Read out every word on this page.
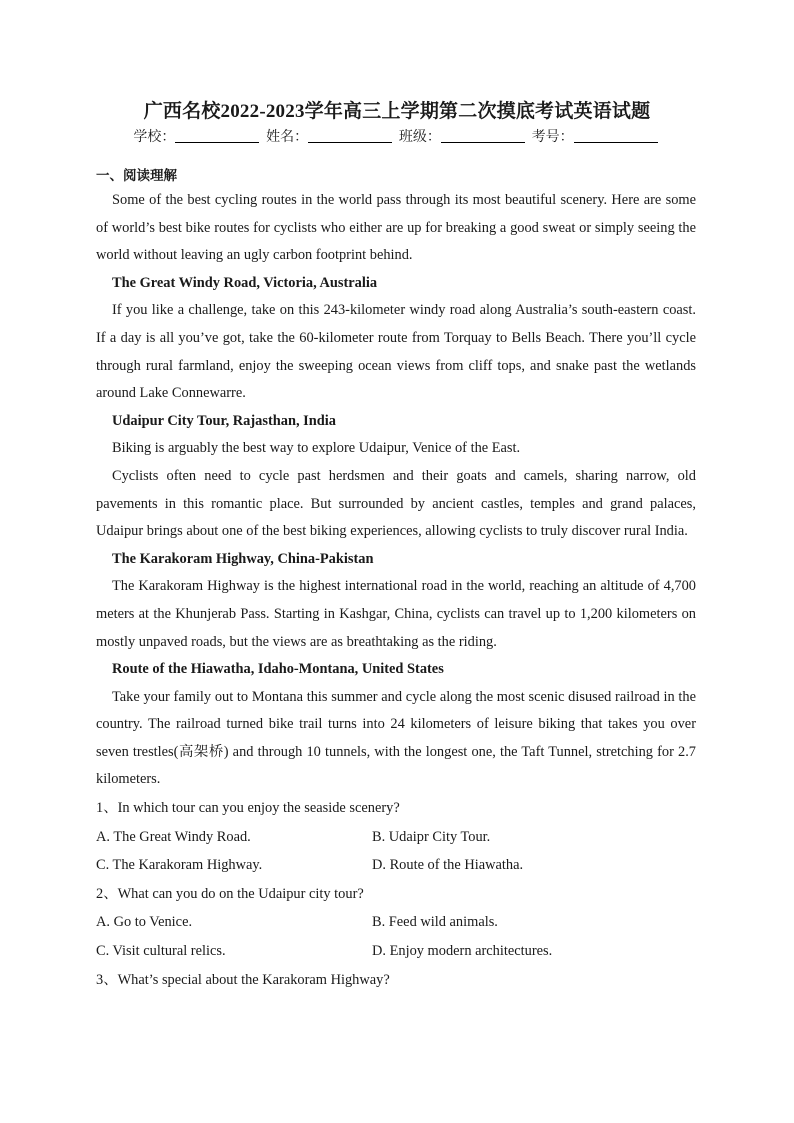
广西名校2022-2023学年高三上学期第二次摸底考试英语试题
学校：	姓名：	班级：	考号：
一、阅读理解

Some of the best cycling routes in the world pass through its most beautiful scenery. Here are some of world’s best bike routes for cyclists who either are up for breaking a good sweat or simply seeing the world without leaving an ugly carbon footprint behind.

The Great Windy Road, Victoria, Australia

If you like a challenge, take on this 243-kilometer windy road along Australia’s south-eastern coast. If a day is all you’ve got, take the 60-kilometer route from Torquay to Bells Beach. There you’ll cycle through rural farmland, enjoy the sweeping ocean views from cliff tops, and snake past the wetlands around Lake Connewarre.

Udaipur City Tour, Rajasthan, India

Biking is arguably the best way to explore Udaipur, Venice of the East.

Cyclists often need to cycle past herdsmen and their goats and camels, sharing narrow, old pavements in this romantic place. But surrounded by ancient castles, temples and grand palaces, Udaipur brings about one of the best biking experiences, allowing cyclists to truly discover rural India.

The Karakoram Highway, China-Pakistan

The Karakoram Highway is the highest international road in the world, reaching an altitude of 4,700 meters at the Khunjerab Pass. Starting in Kashgar, China, cyclists can travel up to 1,200 kilometers on mostly unpaved roads, but the views are as breathtaking as the riding.

Route of the Hiawatha, Idaho-Montana, United States

Take your family out to Montana this summer and cycle along the most scenic disused railroad in the country. The railroad turned bike trail turns into 24 kilometers of leisure biking that takes you over seven trestles(高架桥) and through 10 tunnels, with the longest one, the Taft Tunnel, stretching for 2.7 kilometers.

1、In which tour can you enjoy the seaside scenery?

A. The Great Windy Road.	B. Udaipr City Tour.
C. The Karakoram Highway.	D. Route of the Hiawatha.

2、What can you do on the Udaipur city tour?

A. Go to Venice.	B. Feed wild animals.
C. Visit cultural relics.	D. Enjoy modern architectures.

3、What’s special about the Karakoram Highway?
